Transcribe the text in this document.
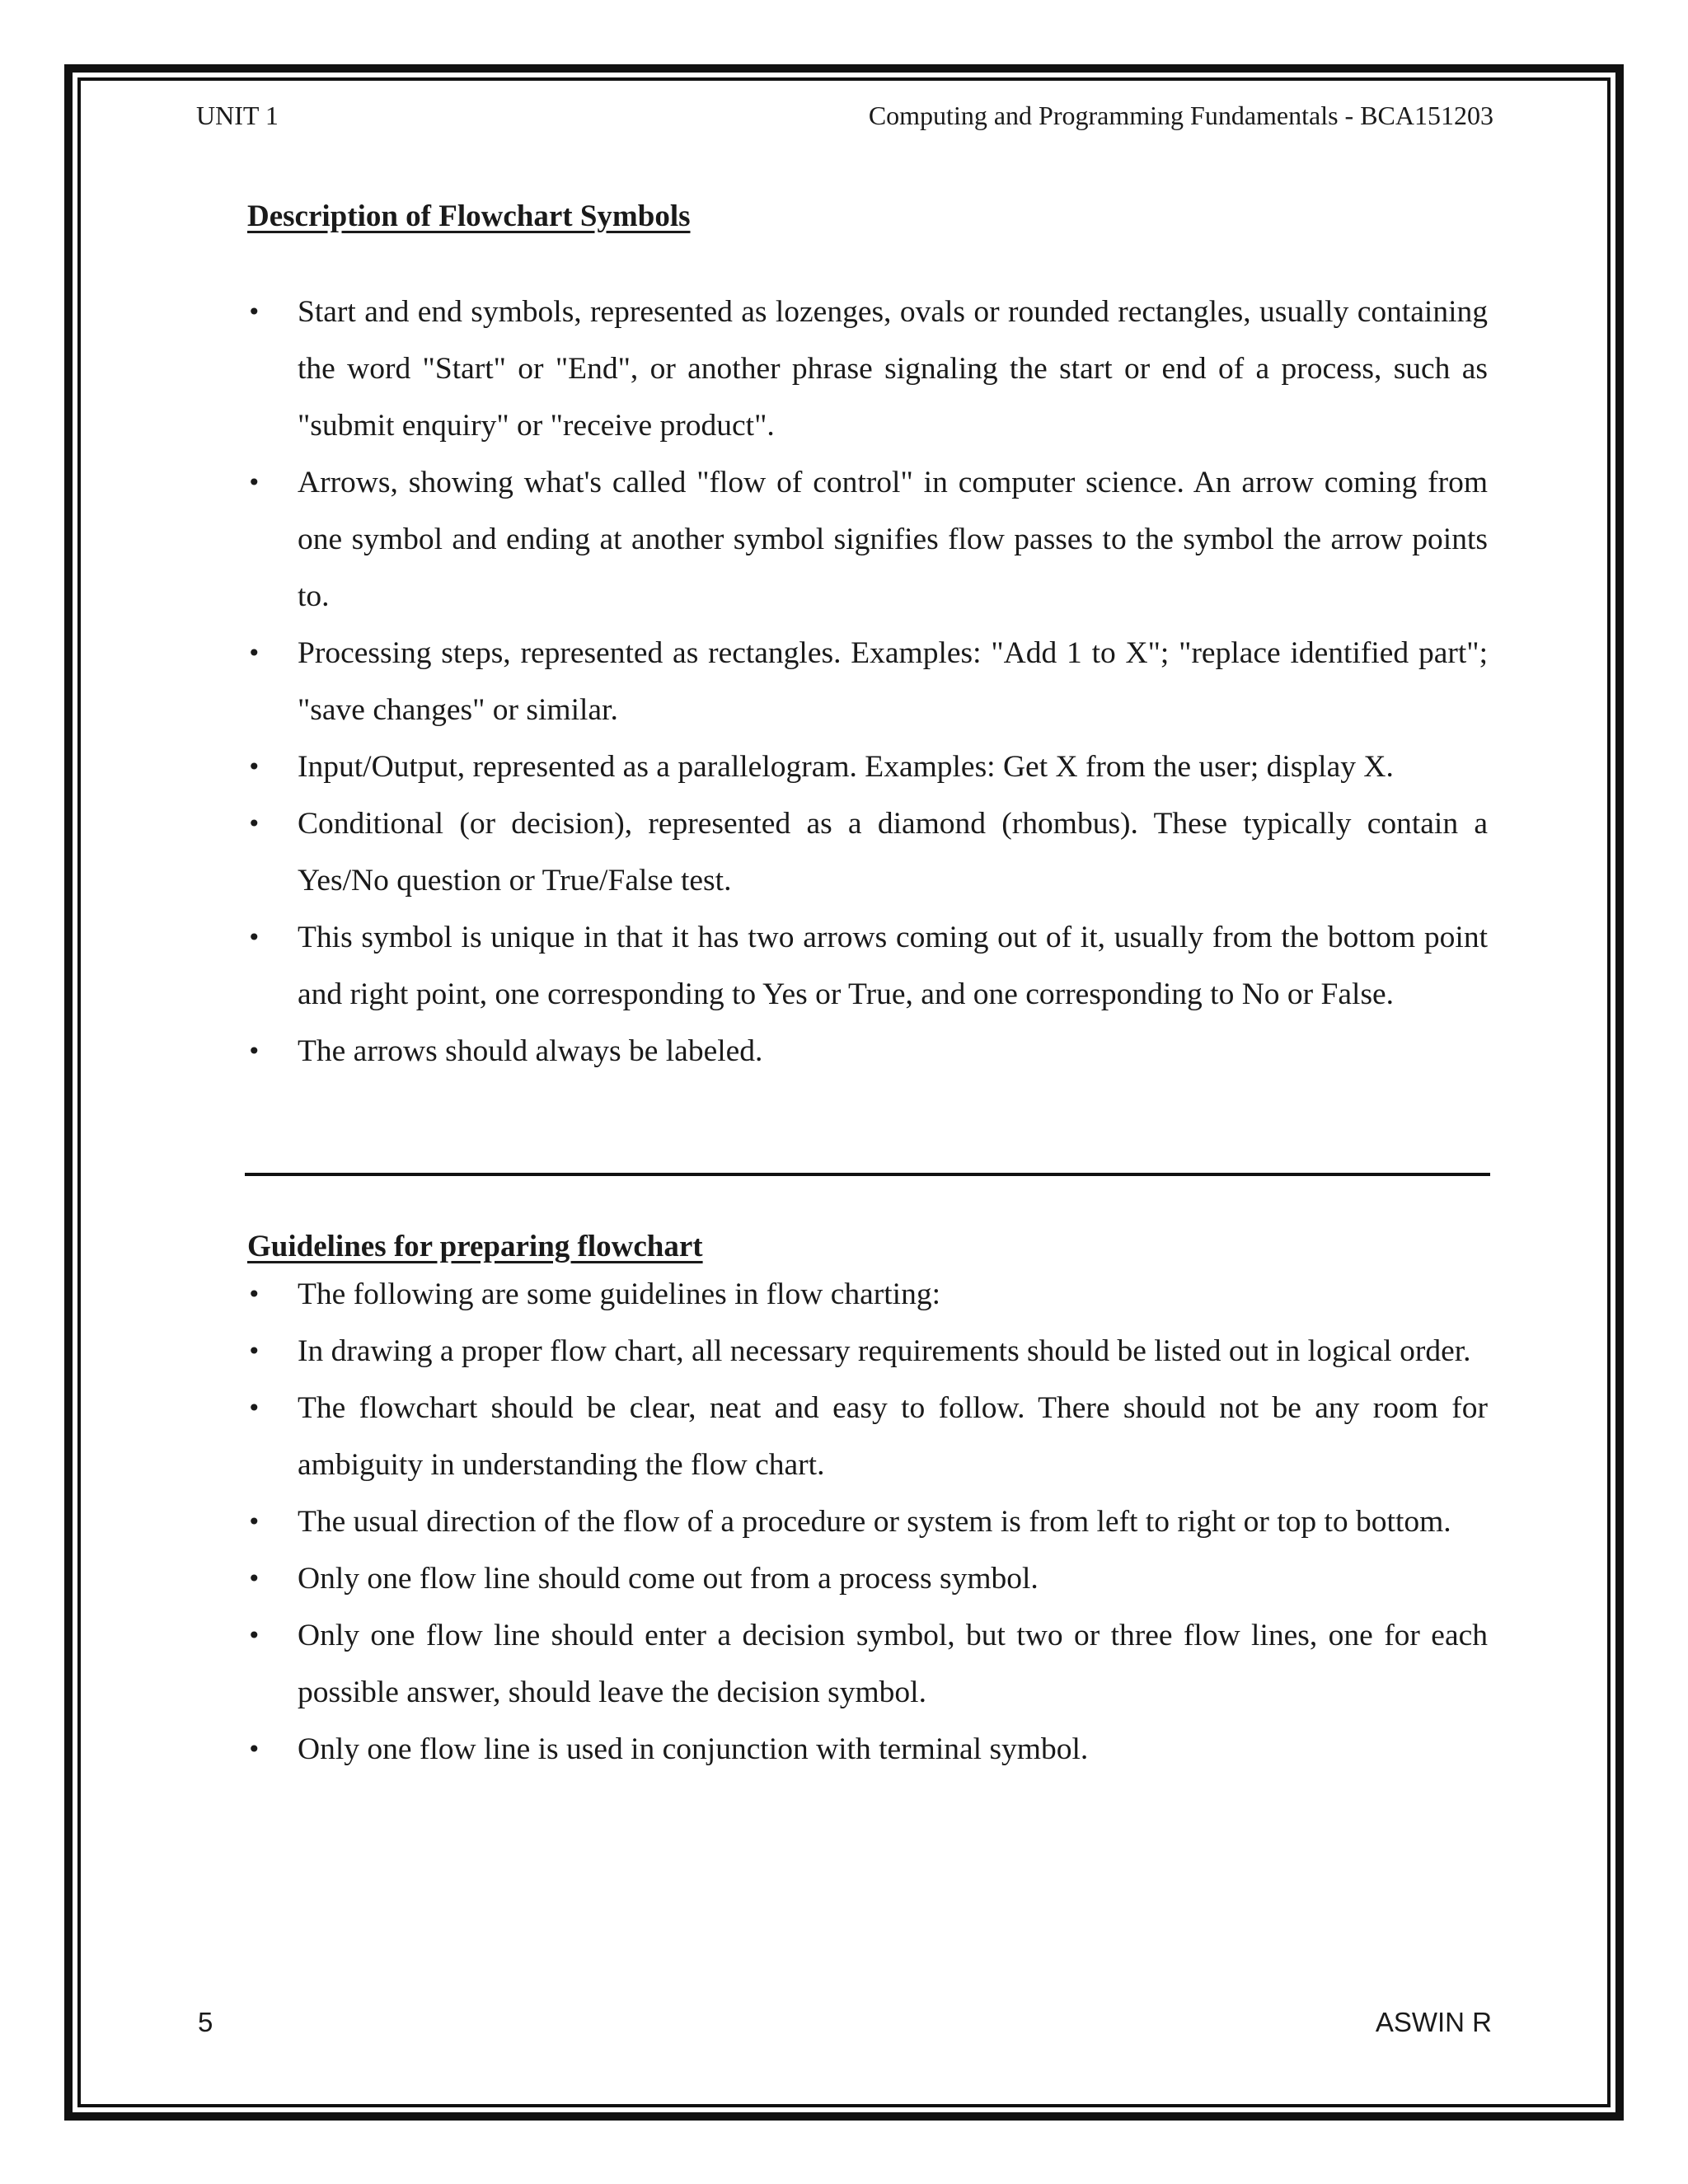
UNIT 1	Computing and Programming Fundamentals - BCA151203
Description of Flowchart Symbols
• Start and end symbols, represented as lozenges, ovals or rounded rectangles, usually containing the word "Start" or "End", or another phrase signaling the start or end of a process, such as "submit enquiry" or "receive product".
• Arrows, showing what's called "flow of control" in computer science. An arrow coming from one symbol and ending at another symbol signifies flow passes to the symbol the arrow points to.
• Processing steps, represented as rectangles. Examples: "Add 1 to X"; "replace identified part"; "save changes" or similar.
• Input/Output, represented as a parallelogram. Examples: Get X from the user; display X.
• Conditional (or decision), represented as a diamond (rhombus). These typically contain a Yes/No question or True/False test.
• This symbol is unique in that it has two arrows coming out of it, usually from the bottom point and right point, one corresponding to Yes or True, and one corresponding to No or False.
• The arrows should always be labeled.
Guidelines for preparing flowchart
• The following are some guidelines in flow charting:
• In drawing a proper flow chart, all necessary requirements should be listed out in logical order.
• The flowchart should be clear, neat and easy to follow. There should not be any room for ambiguity in understanding the flow chart.
• The usual direction of the flow of a procedure or system is from left to right or top to bottom.
• Only one flow line should come out from a process symbol.
• Only one flow line should enter a decision symbol, but two or three flow lines, one for each possible answer, should leave the decision symbol.
• Only one flow line is used in conjunction with terminal symbol.
5	ASWIN R
